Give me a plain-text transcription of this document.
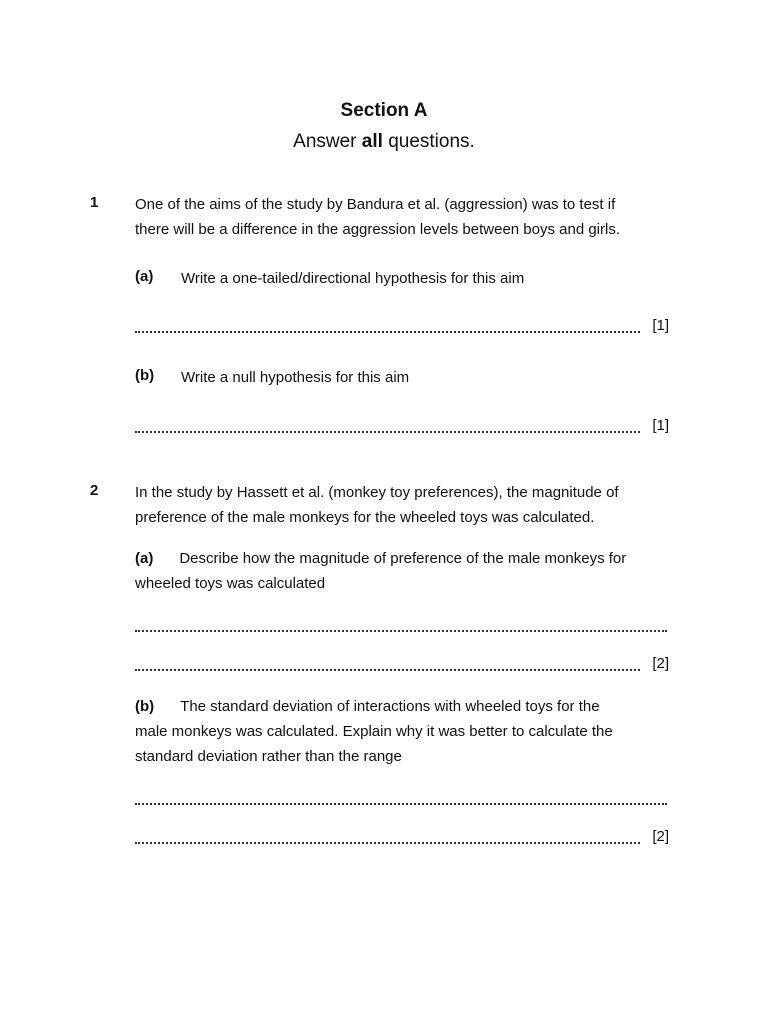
Section A
Answer all questions.
1 One of the aims of the study by Bandura et al. (aggression) was to test if
there will be a difference in the aggression levels between boys and girls.
(a) Write a one-tailed/directional hypothesis for this aim
[1]
(b) Write a null hypothesis for this aim
[1]
2 In the study by Hassett et al. (monkey toy preferences), the magnitude of
preference of the male monkeys for the wheeled toys was calculated.
(a) Describe how the magnitude of preference of the male monkeys for
wheeled toys was calculated
[2]
(b) The standard deviation of interactions with wheeled toys for the
male monkeys was calculated. Explain why it was better to calculate the
standard deviation rather than the range
[2]
